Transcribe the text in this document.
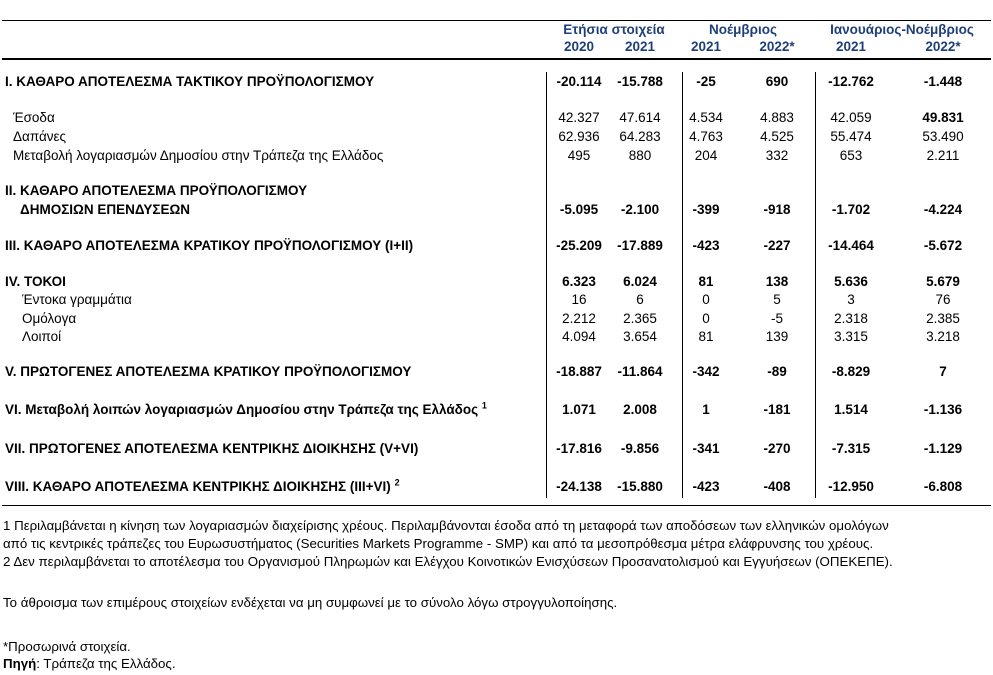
Ετήσια στοιχεία	Νοέμβριος	Ιανουάριος-Νοέμβριος
2020	2021	2021	2022*	2021	2022*
I. ΚΑΘΑΡΟ ΑΠΟΤΕΛΕΣΜΑ ΤΑΚΤΙΚΟΥ ΠΡΟΫΠΟΛΟΓΙΣΜΟΥ	-20.114 -15.788	-25	690	-12.762	-1.448
Έσοδα	42.327	47.614	4.534	4.883	42.059	49.831
Δαπάνες	62.936	64.283	4.763	4.525	55.474	53.490
Μεταβολή λογαριασμών Δημοσίου στην Τράπεζα της Ελλάδος	495	880	204	332	653	2.211
II. ΚΑΘΑΡΟ ΑΠΟΤΕΛΕΣΜΑ ΠΡΟΫΠΟΛΟΓΙΣΜΟΥ
ΔΗΜΟΣΙΩΝ ΕΠΕΝΔΥΣΕΩΝ	-5.095	-2.100	-399	-918	-1.702	-4.224
III. ΚΑΘΑΡΟ ΑΠΟΤΕΛΕΣΜΑ ΚΡΑΤΙΚΟΥ ΠΡΟΫΠΟΛΟΓΙΣΜΟΥ (I+II)	-25.209 -17.889	-423	-227	-14.464	-5.672
IV. ΤΟΚΟΙ	6.323	6.024	81	138	5.636	5.679
Έντοκα γραμμάτια	16	6	0	5	3	76
Ομόλογα	2.212	2.365	0	-5	2.318	2.385
Λοιποί	4.094	3.654	81	139	3.315	3.218
V. ΠΡΩΤΟΓΕΝΕΣ ΑΠΟΤΕΛΕΣΜΑ ΚΡΑΤΙΚΟΥ ΠΡΟΫΠΟΛΟΓΙΣΜΟΥ	-18.887 -11.864	-342	-89	-8.829	7
VI. Μεταβολή λοιπών λογαριασμών Δημοσίου στην Τράπεζα της Ελλάδος $^1$	1.071	2.008	1	-181	1.514	-1.136
VII. ΠΡΩΤΟΓΕΝΕΣ ΑΠΟΤΕΛΕΣΜΑ ΚΕΝΤΡΙΚΗΣ ΔΙΟΙΚΗΣΗΣ (V+VI)	-17.816	-9.856	-341	-270	-7.315	-1.129
VIII. ΚΑΘΑΡΟ ΑΠΟΤΕΛΕΣΜΑ ΚΕΝΤΡΙΚΗΣ ΔΙΟΙΚΗΣΗΣ (III+VI) $^2$	-24.138 -15.880	-423	-408	-12.950	-6.808
1 Περιλαμβάνεται η κίνηση των λογαριασμών διαχείρισης χρέους. Περιλαμβάνονται έσοδα από τη μεταφορά των αποδόσεων των ελληνικών ομολόγων
από τις κεντρικές τράπεζες του Ευρωσυστήματος (Securities Markets Programme - SMP) και από τα μεσοπρόθεσμα μέτρα ελάφρυνσης του χρέους.
2 Δεν περιλαμβάνεται το αποτέλεσμα του Οργανισμού Πληρωμών και Ελέγχου Κοινοτικών Ενισχύσεων Προσανατολισμού και Εγγυήσεων (ΟΠΕΚΕΠΕ).
Το άθροισμα των επιμέρους στοιχείων ενδέχεται να μη συμφωνεί με το σύνολο λόγω στρογγυλοποίησης.
*Προσωρινά στοιχεία.
Πηγή: Τράπεζα της Ελλάδος.
